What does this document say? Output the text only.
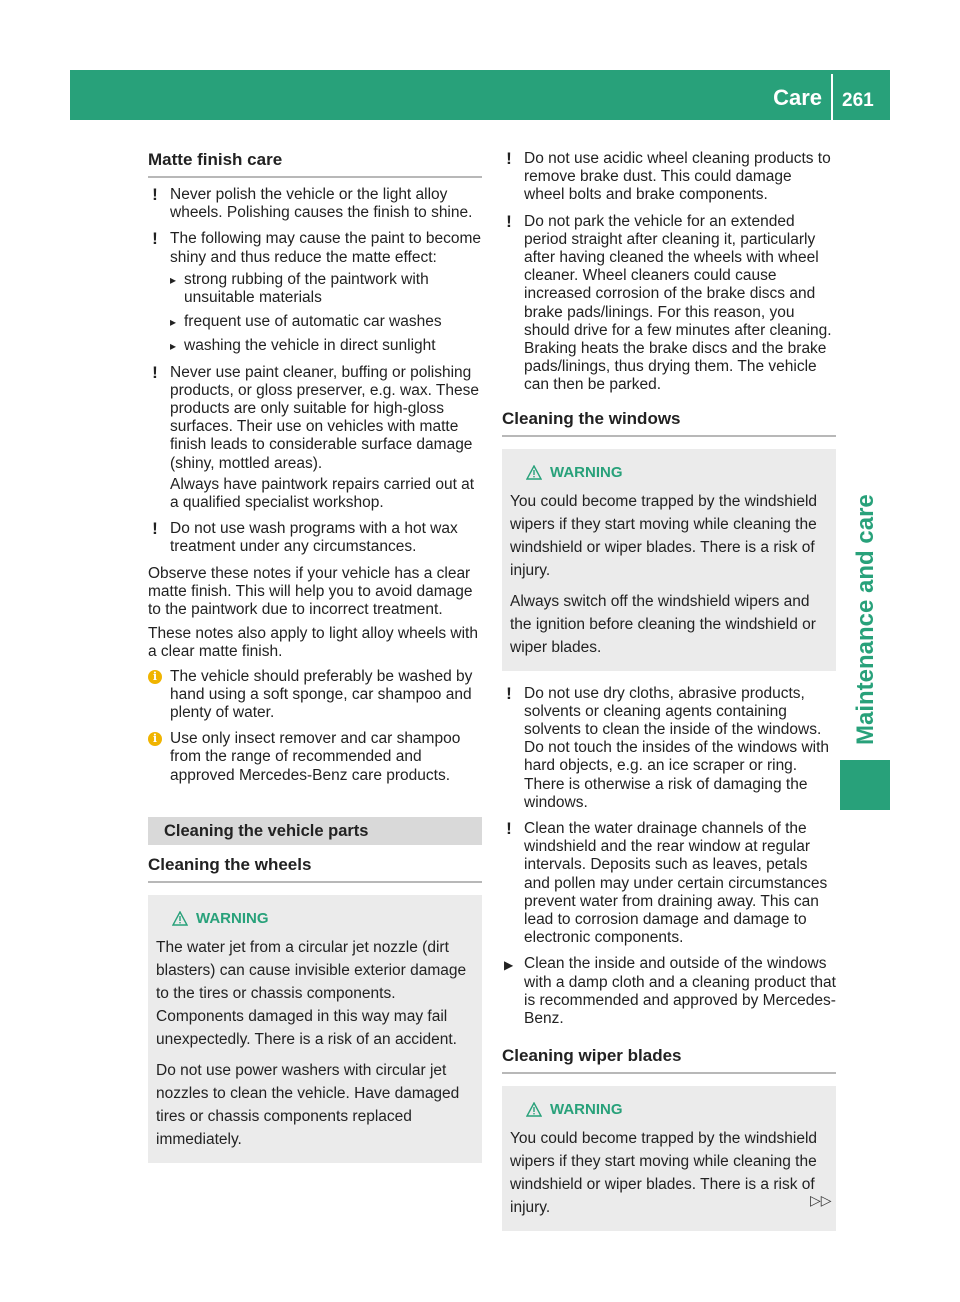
Care 261
Maintenance and care
Matte finish care
! Never polish the vehicle or the light alloy wheels. Polishing causes the finish to shine.

! The following may cause the paint to become shiny and thus reduce the matte effect:

▸ strong rubbing of the paintwork with unsuitable materials
▸ frequent use of automatic car washes
▸ washing the vehicle in direct sunlight
! Never use paint cleaner, buffing or polishing products, or gloss preserver, e.g. wax. These products are only suitable for high-gloss surfaces. Their use on vehicles with matte finish leads to considerable surface damage (shiny, mottled areas).

Always have paintwork repairs carried out at a qualified specialist workshop.

! Do not use wash programs with a hot wax treatment under any circumstances.

Observe these notes if your vehicle has a clear matte finish. This will help you to avoid damage to the paintwork due to incorrect treatment.

These notes also apply to light alloy wheels with a clear matte finish.

i The vehicle should preferably be washed by hand using a soft sponge, car shampoo and plenty of water.

i Use only insect remover and car shampoo from the range of recommended and approved Mercedes-Benz care products.

Cleaning the vehicle parts
Cleaning the wheels
WARNING

The water jet from a circular jet nozzle (dirt blasters) can cause invisible exterior damage to the tires or chassis components. Components damaged in this way may fail unexpectedly. There is a risk of an accident.

Do not use power washers with circular jet nozzles to clean the vehicle. Have damaged tires or chassis components replaced immediately.

! Do not use acidic wheel cleaning products to remove brake dust. This could damage wheel bolts and brake components.

! Do not park the vehicle for an extended period straight after cleaning it, particularly after having cleaned the wheels with wheel cleaner. Wheel cleaners could cause increased corrosion of the brake discs and brake pads/linings. For this reason, you should drive for a few minutes after cleaning. Braking heats the brake discs and the brake pads/linings, thus drying them. The vehicle can then be parked.

Cleaning the windows
WARNING

You could become trapped by the windshield wipers if they start moving while cleaning the windshield or wiper blades. There is a risk of injury.

Always switch off the windshield wipers and the ignition before cleaning the windshield or wiper blades.

! Do not use dry cloths, abrasive products, solvents or cleaning agents containing solvents to clean the inside of the windows. Do not touch the insides of the windows with hard objects, e.g. an ice scraper or ring. There is otherwise a risk of damaging the windows.

! Clean the water drainage channels of the windshield and the rear window at regular intervals. Deposits such as leaves, petals and pollen may under certain circumstances prevent water from draining away. This can lead to corrosion damage and damage to electronic components.

▶ Clean the inside and outside of the windows with a damp cloth and a cleaning product that is recommended and approved by Mercedes-Benz.
Cleaning wiper blades
WARNING

You could become trapped by the windshield wipers if they start moving while cleaning the windshield or wiper blades. There is a risk of injury.	▷▷
